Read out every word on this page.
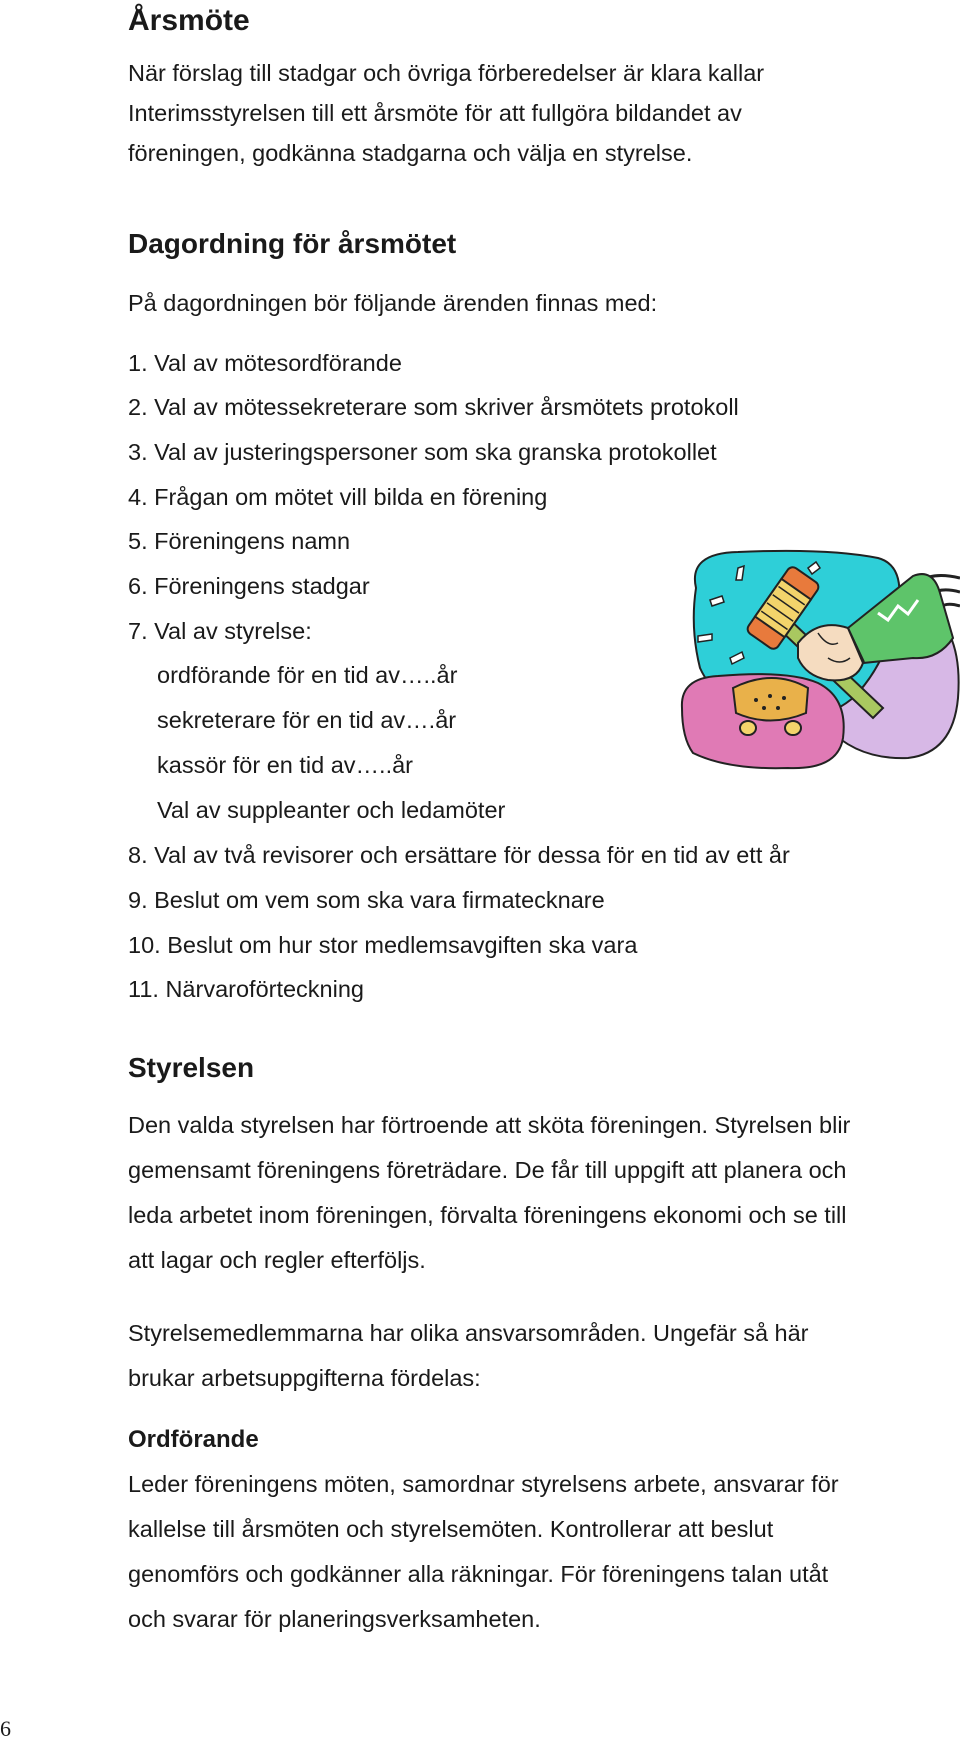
Årsmöte

När förslag till stadgar och övriga förberedelser är klara kallar

Interimsstyrelsen till ett årsmöte för att fullgöra bildandet av

föreningen, godkänna stadgarna och välja en styrelse.

Dagordning för årsmötet

På dagordningen bör följande ärenden finnas med:

1. Val av mötesordförande

2. Val av mötessekreterare som skriver årsmötets protokoll

3. Val av justeringspersoner som ska granska protokollet

4. Frågan om mötet vill bilda en förening

5. Föreningens namn

6. Föreningens stadgar

7. Val av styrelse:

ordförande för en tid av…..år

sekreterare för en tid av….år

kassör för en tid av…..år

Val av suppleanter och ledamöter

8. Val av två revisorer och ersättare för dessa för en tid av ett år

9. Beslut om vem som ska vara firmatecknare

10. Beslut om hur stor medlemsavgiften ska vara

11. Närvaroförteckning

Styrelsen

Den valda styrelsen har förtroende att sköta föreningen. Styrelsen blir

gemensamt föreningens företrädare. De får till uppgift att planera och

leda arbetet inom föreningen, förvalta föreningens ekonomi och se till

att lagar och regler efterföljs.

Styrelsemedlemmarna har olika ansvarsområden. Ungefär så här

brukar arbetsuppgifterna fördelas:

Ordförande

Leder föreningens möten, samordnar styrelsens arbete, ansvarar för

kallelse till årsmöten och styrelsemöten. Kontrollerar att beslut

genomförs och godkänner alla räkningar. För föreningens talan utåt

och svarar för planeringsverksamheten.

6
